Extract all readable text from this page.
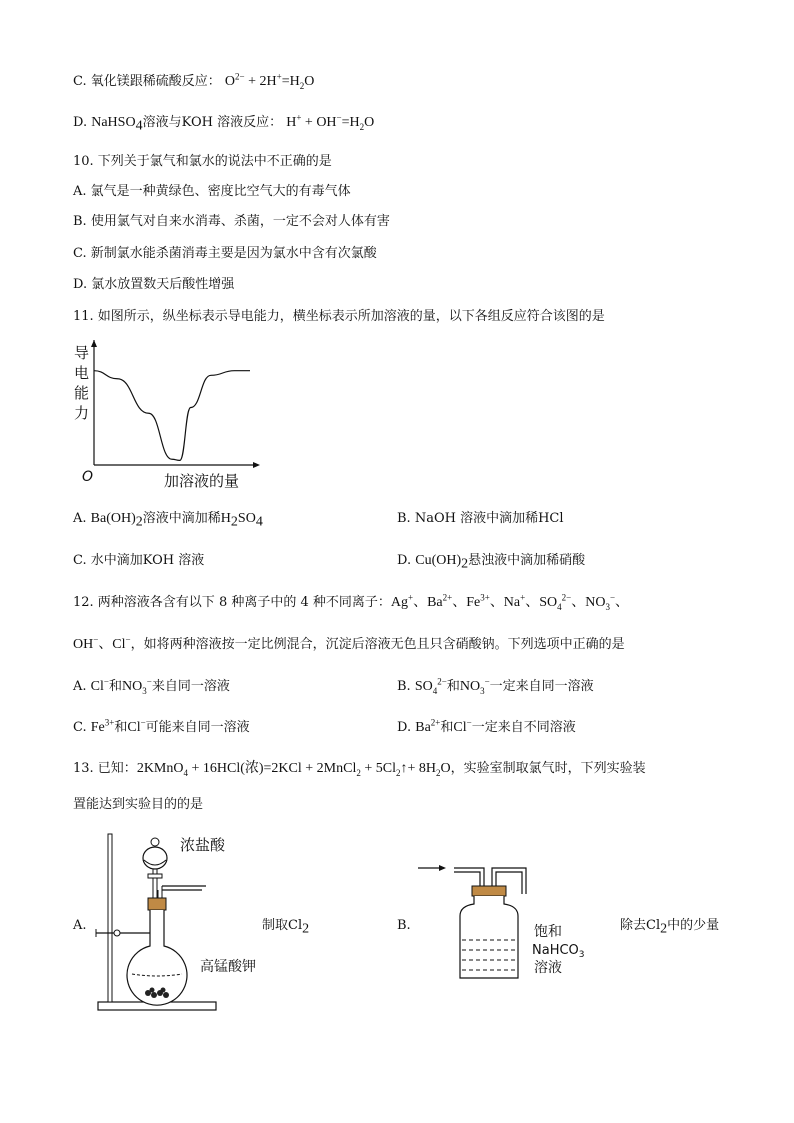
C. 氧化镁跟稀硫酸反应： $O^{2-} + 2H^+=H_2O$
D. NaHSO$_4$溶液与KOH 溶液反应： $H^+ + OH^-=H_2O$
10. 下列关于氯气和氯水的说法中不正确的是
A. 氯气是一种黄绿色、密度比空气大的有毒气体
B. 使用氯气对自来水消毒、杀菌，一定不会对人体有害
C. 新制氯水能杀菌消毒主要是因为氯水中含有次氯酸
D. 氯水放置数天后酸性增强
11. 如图所示，纵坐标表示导电能力，横坐标表示所加溶液的量，以下各组反应符合该图的是
导
电
能
力
O	加溶液的量
A. $Ba(OH)_2$溶液中滴加稀$H_2SO_4$	B. NaOH 溶液中滴加稀HCl
C. 水中滴加KOH 溶液	D. $Cu(OH)_2$悬浊液中滴加稀硝酸
12. 两种溶液各含有以下 8 种离子中的 4 种不同离子：Ag+、$Ba^{2+}$、$Fe^{3+}$、Na+、$SO_4^{2-}$、$NO_3^-$、
OH−、Cl−，如将两种溶液按一定比例混合，沉淀后溶液无色且只含硝酸钠。下列选项中正确的是
A. Cl−和$NO_3^-$来自同一溶液	B. $SO_4^{2-}$和$NO_3^-$一定来自同一溶液
C. $Fe^{3+}$和Cl−可能来自同一溶液	D. $Ba^{2+}$和Cl−一定来自不同溶液
13. 已知：2KMnO$_4$ + 16HCl(浓)=2KCl + 2MnCl$_2$ + $5Cl_2↑+ 8H_2O$，实验室制取氯气时，下列实验装
置能达到实验目的的是
A.
浓盐酸
高锰酸钾
制取$Cl_2$	B.	饱和
NaHCO$_3$
溶液
除去$Cl_2$中的少量
